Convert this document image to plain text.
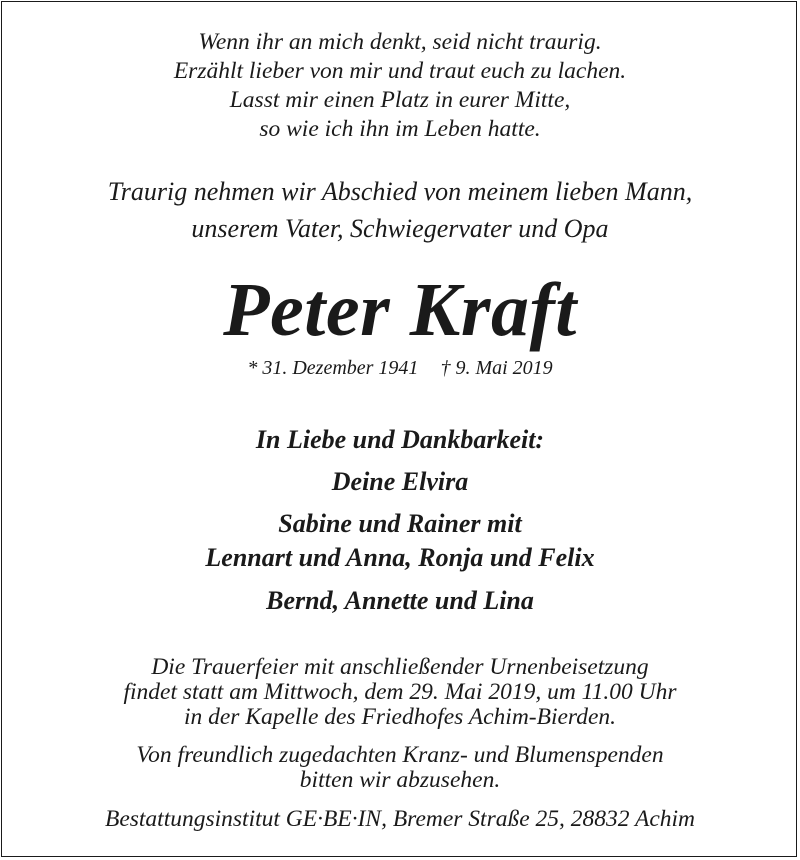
Wenn ihr an mich denkt, seid nicht traurig.
Erzählt lieber von mir und traut euch zu lachen.
Lasst mir einen Platz in eurer Mitte,
so wie ich ihn im Leben hatte.
Traurig nehmen wir Abschied von meinem lieben Mann,
unserem Vater, Schwiegervater und Opa
Peter Kraft
* 31. Dezember 1941 † 9. Mai 2019
In Liebe und Dankbarkeit:
Deine Elvira
Sabine und Rainer mit
Lennart und Anna, Ronja und Felix
Bernd, Annette und Lina
Die Trauerfeier mit anschließender Urnenbeisetzung
findet statt am Mittwoch, dem 29. Mai 2019, um 11.00 Uhr
in der Kapelle des Friedhofes Achim-Bierden.
Von freundlich zugedachten Kranz- und Blumenspenden
bitten wir abzusehen.
Bestattungsinstitut GE·BE·IN, Bremer Straße 25, 28832 Achim
